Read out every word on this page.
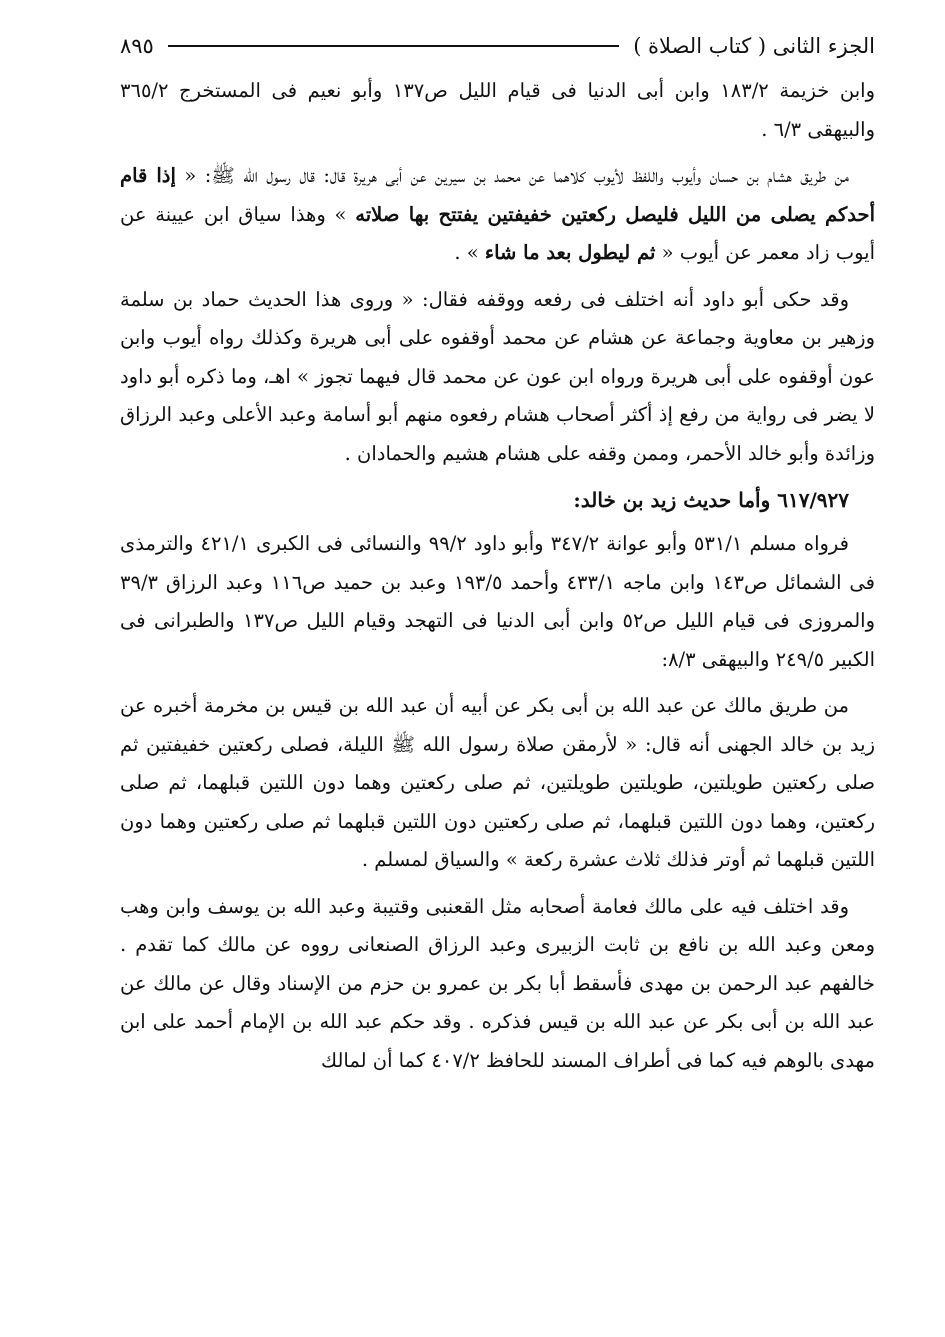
الجزء الثانى ( كتاب الصلاة )
٨٩٥

وابن خزيمة ١٨٣/٢ وابن أبى الدنيا فى قيام الليل ص١٣٧ وأبو نعيم فى المستخرج ٣٦٥/٢ والبيهقى ٦/٣ .

من طريق هشام بن حسان وأيوب واللفظ لأيوب كلاهما عن محمد بن سيرين عن أبى هريرة قال: قال رسول الله ﷺ: « إذا قام أحدكم يصلى من الليل فليصل ركعتين خفيفتين يفتتح بها صلاته » وهذا سياق ابن عيينة عن أيوب زاد معمر عن أيوب « ثم ليطول بعد ما شاء » .

وقد حكى أبو داود أنه اختلف فى رفعه ووقفه فقال: « وروى هذا الحديث حماد بن سلمة وزهير بن معاوية وجماعة عن هشام عن محمد أوقفوه على أبى هريرة وكذلك رواه أيوب وابن عون أوقفوه على أبى هريرة ورواه ابن عون عن محمد قال فيهما تجوز » اهـ، وما ذكره أبو داود لا يضر فى رواية من رفع إذ أكثر أصحاب هشام رفعوه منهم أبو أسامة وعبد الأعلى وعبد الرزاق وزائدة وأبو خالد الأحمر، وممن وقفه على هشام هشيم والحمادان .

٦١٧/٩٢٧ وأما حديث زيد بن خالد:

فرواه مسلم ٥٣١/١ وأبو عوانة ٣٤٧/٢ وأبو داود ٩٩/٢ والنسائى فى الكبرى ٤٢١/١ والترمذى فى الشمائل ص١٤٣ وابن ماجه ٤٣٣/١ وأحمد ١٩٣/٥ وعبد بن حميد ص١١٦ وعبد الرزاق ٣٩/٣ والمروزى فى قيام الليل ص٥٢ وابن أبى الدنيا فى التهجد وقيام الليل ص١٣٧ والطبرانى فى الكبير ٢٤٩/٥ والبيهقى ٨/٣:

من طريق مالك عن عبد الله بن أبى بكر عن أبيه أن عبد الله بن قيس بن مخرمة أخبره عن زيد بن خالد الجهنى أنه قال: « لأرمقن صلاة رسول الله ﷺ الليلة، فصلى ركعتين خفيفتين ثم صلى ركعتين طويلتين، طويلتين طويلتين، ثم صلى ركعتين وهما دون اللتين قبلهما، ثم صلى ركعتين، وهما دون اللتين قبلهما، ثم صلى ركعتين دون اللتين قبلهما ثم صلى ركعتين وهما دون اللتين قبلهما ثم أوتر فذلك ثلاث عشرة ركعة » والسياق لمسلم .

وقد اختلف فيه على مالك فعامة أصحابه مثل القعنبى وقتيبة وعبد الله بن يوسف وابن وهب ومعن وعبد الله بن نافع بن ثابت الزبيرى وعبد الرزاق الصنعانى رووه عن مالك كما تقدم . خالفهم عبد الرحمن بن مهدى فأسقط أبا بكر بن عمرو بن حزم من الإسناد وقال عن مالك عن عبد الله بن أبى بكر عن عبد الله بن قيس فذكره . وقد حكم عبد الله بن الإمام أحمد على ابن مهدى بالوهم فيه كما فى أطراف المسند للحافظ ٤٠٧/٢ كما أن لمالك
